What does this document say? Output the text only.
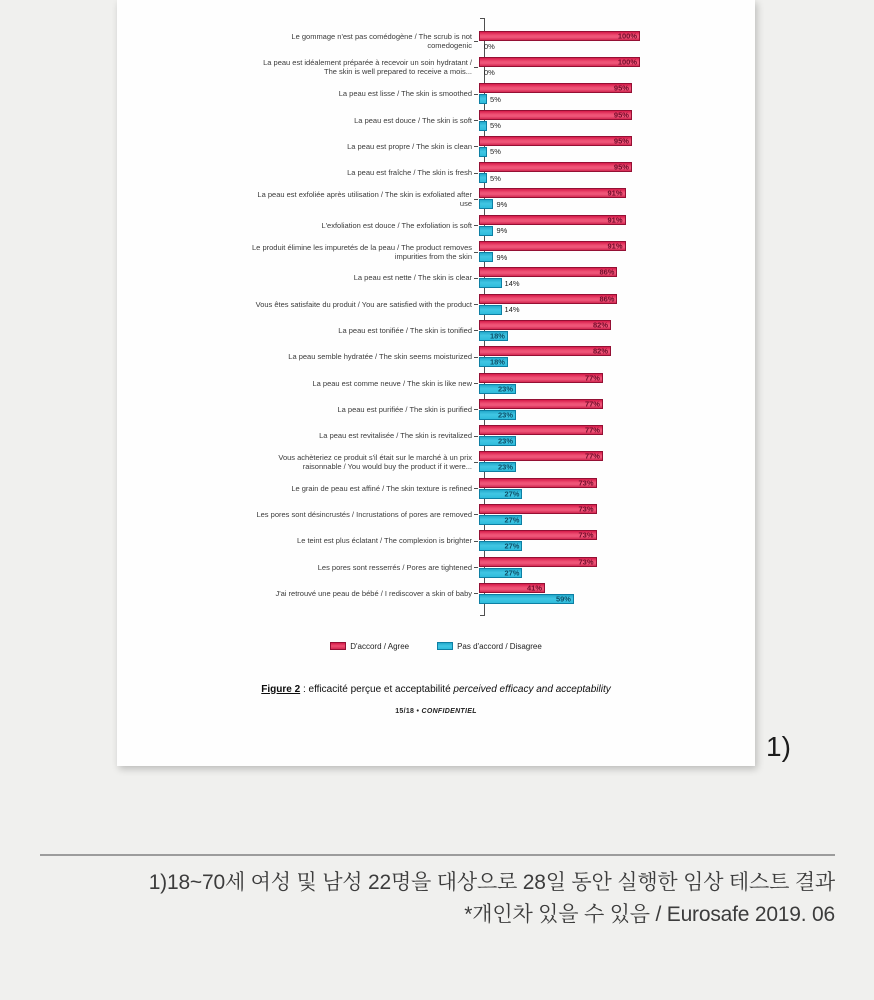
Le gommage n'est pas comédogène / The scrub is not comedogenic
100%
0%
La peau est idéalement préparée à recevoir un soin hydratant / The skin is well prepared to receive a mois...
100%
0%
La peau est lisse / The skin is smoothed
95%
5%
La peau est douce / The skin is soft
95%
5%
La peau est propre / The skin is clean
95%
5%
La peau est fraîche / The skin is fresh
95%
5%
La peau est exfoliée après utilisation / The skin is exfoliated after use
91%
9%
L'exfoliation est douce / The exfoliation is soft
91%
9%
Le produit élimine les impuretés de la peau / The product removes impurities from the skin
91%
9%
La peau est nette / The skin is clear
86%
14%
Vous êtes satisfaite du produit / You are satisfied with the product
86%
14%
La peau est tonifiée / The skin is tonified
82%
18%
La peau semble hydratée / The skin seems moisturized
82%
18%
La peau est comme neuve / The skin is like new
77%
23%
La peau est purifiée / The skin is purified
77%
23%
La peau est revitalisée / The skin is revitalized
77%
23%
Vous achèteriez ce produit s'il était sur le marché à un prix raisonnable / You would buy the product if it were...
77%
23%
Le grain de peau est affiné / The skin texture is refined
73%
27%
Les pores sont désincrustés / Incrustations of pores are removed
73%
27%
Le teint est plus éclatant / The complexion is brighter
73%
27%
Les pores sont resserrés / Pores are tightened
73%
27%
J'ai retrouvé une peau de bébé / I rediscover a skin of baby
41%
59%
D'accord / Agree	Pas d'accord / Disagree
Figure 2 : efficacité perçue et acceptabilité perceived efficacy and acceptability
15/18 • CONFIDENTIEL
1)
1)18~70세 여성 및 남성 22명을 대상으로 28일 동안 실행한 임상 테스트 결과
*개인차 있을 수 있음 / Eurosafe 2019. 06
